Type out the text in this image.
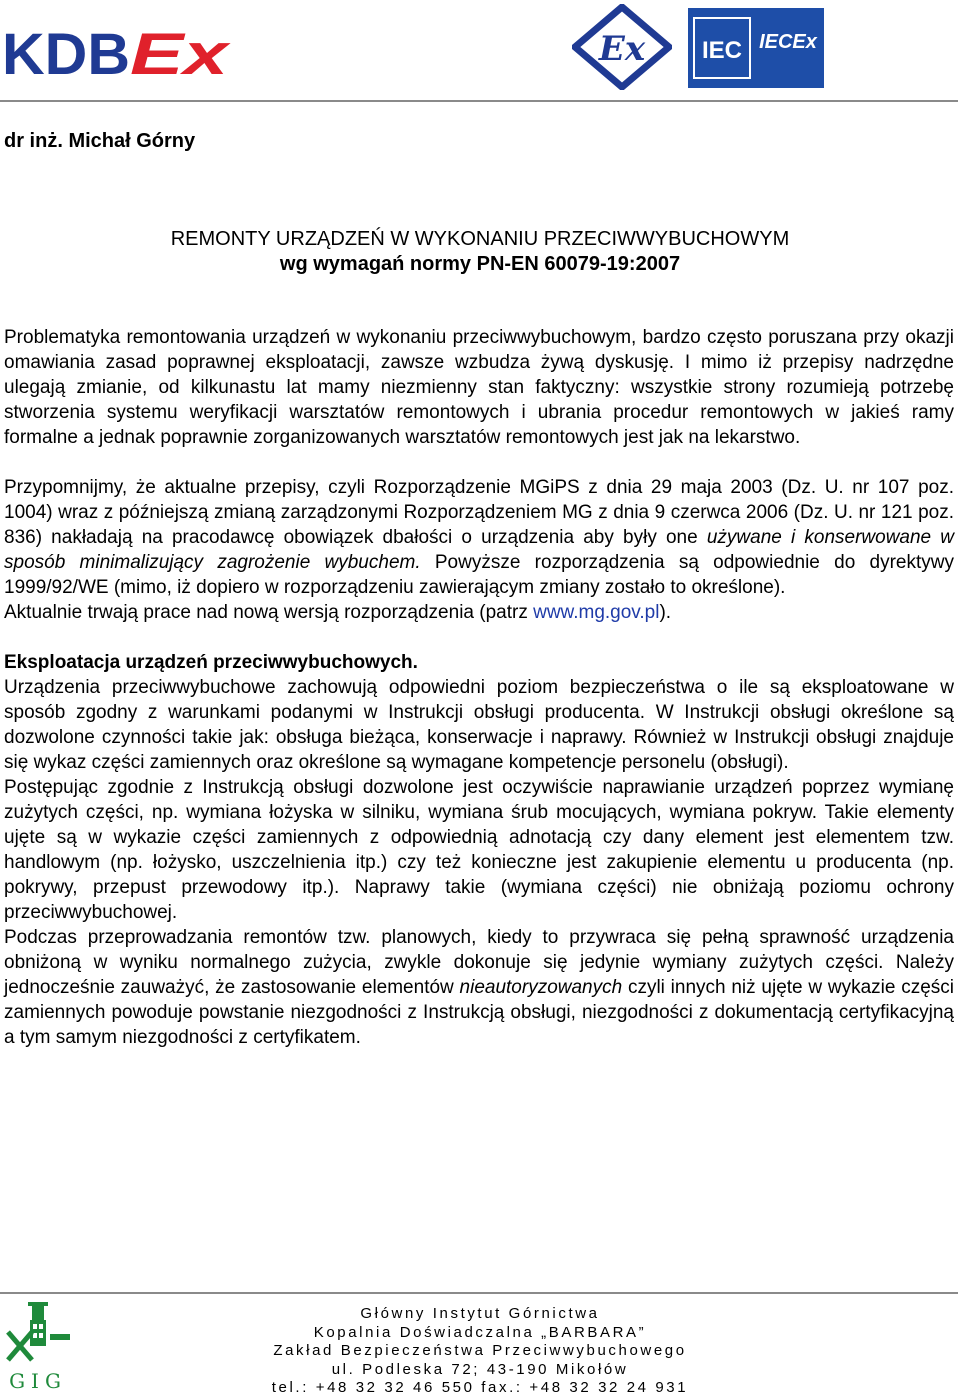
KDB Ex	Ex IEC IECEx
dr inż. Michał Górny
REMONTY URZĄDZEŃ W WYKONANIU PRZECIWWYBUCHOWYM
wg wymagań normy PN-EN 60079-19:2007

Problematyka remontowania urządzeń w wykonaniu przeciwwybuchowym, bardzo często poruszana przy okazji omawiania zasad poprawnej eksploatacji, zawsze wzbudza żywą dyskusję. I mimo iż przepisy nadrzędne ulegają zmianie, od kilkunastu lat mamy niezmienny stan faktyczny: wszystkie strony rozumieją potrzebę stworzenia systemu weryfikacji warsztatów remontowych i ubrania procedur remontowych w jakieś ramy formalne a jednak poprawnie zorganizowanych warsztatów remontowych jest jak na lekarstwo.

Przypomnijmy, że aktualne przepisy, czyli Rozporządzenie MGiPS z dnia 29 maja 2003 (Dz. U. nr 107 poz. 1004) wraz z późniejszą zmianą zarządzonymi Rozporządzeniem MG z dnia 9 czerwca 2006 (Dz. U. nr 121 poz. 836) nakładają na pracodawcę obowiązek dbałości o urządzenia aby były one używane i konserwowane w sposób minimalizujący zagrożenie wybuchem. Powyższe rozporządzenia są odpowiednie do dyrektywy 1999/92/WE (mimo, iż dopiero w rozporządzeniu zawierającym zmiany zostało to określone).

Aktualnie trwają prace nad nową wersją rozporządzenia (patrz www.mg.gov.pl).

Eksploatacja urządzeń przeciwwybuchowych.

Urządzenia przeciwwybuchowe zachowują odpowiedni poziom bezpieczeństwa o ile są eksploatowane w sposób zgodny z warunkami podanymi w Instrukcji obsługi producenta. W Instrukcji obsługi określone są dozwolone czynności takie jak: obsługa bieżąca, konserwacje i naprawy. Również w Instrukcji obsługi znajduje się wykaz części zamiennych oraz określone są wymagane kompetencje personelu (obsługi).

Postępując zgodnie z Instrukcją obsługi dozwolone jest oczywiście naprawianie urządzeń poprzez wymianę zużytych części, np. wymiana łożyska w silniku, wymiana śrub mocujących, wymiana pokryw. Takie elementy ujęte są w wykazie części zamiennych z odpowiednią adnotacją czy dany element jest elementem tzw. handlowym (np. łożysko, uszczelnienia itp.) czy też konieczne jest zakupienie elementu u producenta (np. pokrywy, przepust przewodowy itp.). Naprawy takie (wymiana części) nie obniżają poziomu ochrony przeciwwybuchowej.

Podczas przeprowadzania remontów tzw. planowych, kiedy to przywraca się pełną sprawność urządzenia obniżoną w wyniku normalnego zużycia, zwykle dokonuje się jedynie wymiany zużytych części. Należy jednocześnie zauważyć, że zastosowanie elementów nieautoryzowanych czyli innych niż ujęte w wykazie części zamiennych powoduje powstanie niezgodności z Instrukcją obsługi, niezgodności z dokumentacją certyfikacyjną a tym samym niezgodności z certyfikatem.

GIG
Główny Instytut Górnictwa
Kopalnia Doświadczalna „BARBARA”
Zakład Bezpieczeństwa Przeciwwybuchowego
ul. Podleska 72; 43-190 Mikołów
tel.: +48 32 32 46 550 fax.: +48 32 32 24 931
